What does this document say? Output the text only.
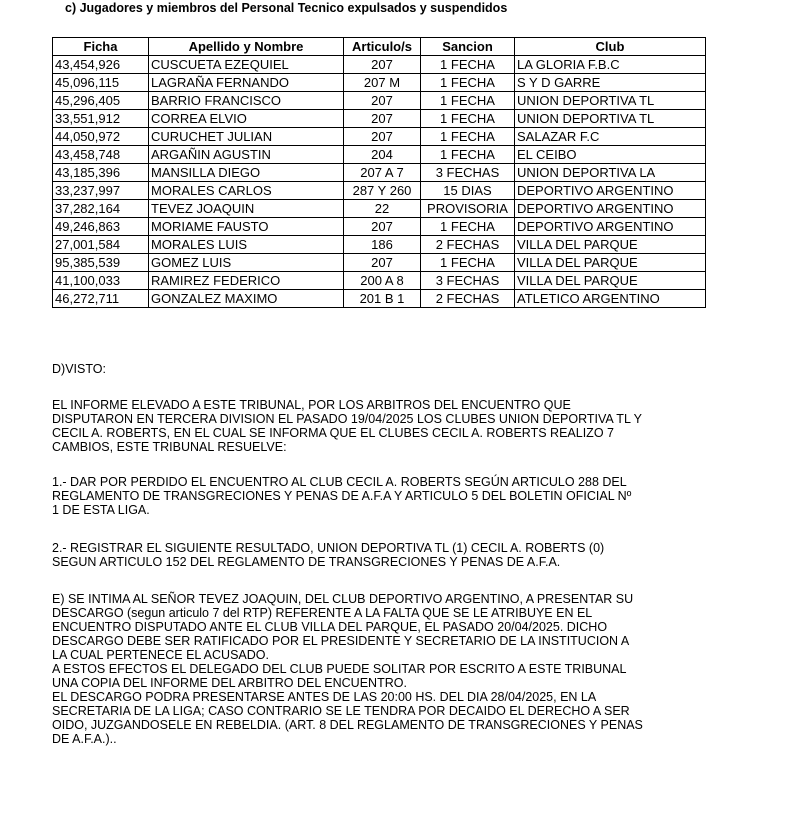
c) Jugadores y miembros del Personal Tecnico expulsados y suspendidos
Ficha	Apellido y Nombre	Articulo/s	Sancion	Club
43,454,926	CUSCUETA EZEQUIEL	207	1 FECHA	LA GLORIA F.B.C
45,096,115	LAGRAÑA FERNANDO	207 M	1 FECHA	S Y D GARRE
45,296,405	BARRIO FRANCISCO	207	1 FECHA	UNION DEPORTIVA TL
33,551,912	CORREA ELVIO	207	1 FECHA	UNION DEPORTIVA TL
44,050,972	CURUCHET JULIAN	207	1 FECHA	SALAZAR F.C
43,458,748	ARGAÑIN AGUSTIN	204	1 FECHA	EL CEIBO
43,185,396	MANSILLA DIEGO	207 A 7	3 FECHAS	UNION DEPORTIVA LA
33,237,997	MORALES CARLOS	287 Y 260	15 DIAS	DEPORTIVO ARGENTINO
37,282,164	TEVEZ JOAQUIN	22	PROVISORIA	DEPORTIVO ARGENTINO
49,246,863	MORIAME FAUSTO	207	1 FECHA	DEPORTIVO ARGENTINO
27,001,584	MORALES LUIS	186	2 FECHAS	VILLA DEL PARQUE
95,385,539	GOMEZ LUIS	207	1 FECHA	VILLA DEL PARQUE
41,100,033	RAMIREZ FEDERICO	200 A 8	3 FECHAS	VILLA DEL PARQUE
46,272,711	GONZALEZ MAXIMO	201 B 1	2 FECHAS	ATLETICO ARGENTINO

D)VISTO:

EL INFORME ELEVADO A ESTE TRIBUNAL, POR LOS ARBITROS DEL ENCUENTRO QUE

DISPUTARON EN TERCERA DIVISION EL PASADO 19/04/2025 LOS CLUBES UNION DEPORTIVA TL Y

CECIL A. ROBERTS, EN EL CUAL SE INFORMA QUE EL CLUBES CECIL A. ROBERTS REALIZO 7

CAMBIOS, ESTE TRIBUNAL RESUELVE:

1.- DAR POR PERDIDO EL ENCUENTRO AL CLUB CECIL A. ROBERTS SEGÚN ARTICULO 288 DEL

REGLAMENTO DE TRANSGRECIONES Y PENAS DE A.F.A Y ARTICULO 5 DEL BOLETIN OFICIAL Nº

1 DE ESTA LIGA.

2.- REGISTRAR EL SIGUIENTE RESULTADO, UNION DEPORTIVA TL (1) CECIL A. ROBERTS (0)

SEGUN ARTICULO 152 DEL REGLAMENTO DE TRANSGRECIONES Y PENAS DE A.F.A.

E) SE INTIMA AL SEÑOR TEVEZ JOAQUIN, DEL CLUB DEPORTIVO ARGENTINO, A PRESENTAR SU

DESCARGO (segun articulo 7 del RTP) REFERENTE A LA FALTA QUE SE LE ATRIBUYE EN EL

ENCUENTRO DISPUTADO ANTE EL CLUB VILLA DEL PARQUE, EL PASADO 20/04/2025. DICHO

DESCARGO DEBE SER RATIFICADO POR EL PRESIDENTE Y SECRETARIO DE LA INSTITUCION A

LA CUAL PERTENECE EL ACUSADO.

A ESTOS EFECTOS EL DELEGADO DEL CLUB PUEDE SOLITAR POR ESCRITO A ESTE TRIBUNAL

UNA COPIA DEL INFORME DEL ARBITRO DEL ENCUENTRO.

EL DESCARGO PODRA PRESENTARSE ANTES DE LAS 20:00 HS. DEL DIA 28/04/2025, EN LA

SECRETARIA DE LA LIGA; CASO CONTRARIO SE LE TENDRA POR DECAIDO EL DERECHO A SER

OIDO, JUZGANDOSELE EN REBELDIA. (ART. 8 DEL REGLAMENTO DE TRANSGRECIONES Y PENAS

DE A.F.A.)..
